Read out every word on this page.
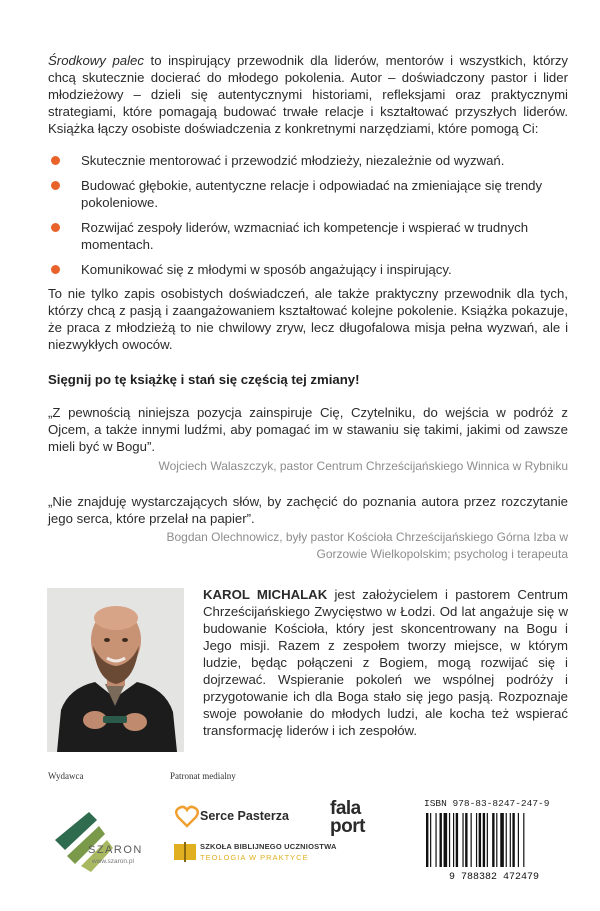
Środkowy palec to inspirujący przewodnik dla liderów, mentorów i wszystkich, którzy chcą skutecznie docierać do młodego pokolenia. Autor – doświadczony pastor i lider młodzieżowy – dzieli się autentycznymi historiami, refleksjami oraz praktycznymi strategiami, które pomagają budować trwałe relacje i kształtować przyszłych liderów. Książka łączy osobiste doświadczenia z konkretnymi narzędziami, które pomogą Ci:
Skutecznie mentorować i przewodzić młodzieży, niezależnie od wyzwań.
Budować głębokie, autentyczne relacje i odpowiadać na zmieniające się trendy pokoleniowe.
Rozwijać zespoły liderów, wzmacniać ich kompetencje i wspierać w trudnych momentach.
Komunikować się z młodymi w sposób angażujący i inspirujący.
To nie tylko zapis osobistych doświadczeń, ale także praktyczny przewodnik dla tych, którzy chcą z pasją i zaangażowaniem kształtować kolejne pokolenie. Książka pokazuje, że praca z młodzieżą to nie chwilowy zryw, lecz długofalowa misja pełna wyzwań, ale i niezwykłych owoców.
Sięgnij po tę książkę i stań się częścią tej zmiany!
„Z pewnością niniejsza pozycja zainspiruje Cię, Czytelniku, do wejścia w podróż z Ojcem, a także innymi ludźmi, aby pomagać im w stawaniu się takimi, jakimi od zawsze mieli być w Bogu”.
Wojciech Walaszczyk, pastor Centrum Chrześcijańskiego Winnica w Rybniku
„Nie znajduję wystarczających słów, by zachęcić do poznania autora przez rozczytanie jego serca, które przelał na papier”.
Bogdan Olechnowicz, były pastor Kościoła Chrześcijańskiego Górna Izba w Gorzowie Wielkopolskim; psycholog i terapeuta
KAROL MICHALAK jest założycielem i pastorem Centrum Chrześcijańskiego Zwycięstwo w Łodzi. Od lat angażuje się w budowanie Kościoła, który jest skoncentrowany na Bogu i Jego misji. Razem z zespołem tworzy miejsce, w którym ludzie, będąc połączeni z Bogiem, mogą rozwijać się i dojrzewać. Wspieranie pokoleń we wspólnej podróży i przygotowanie ich dla Boga stało się jego pasją. Rozpoznaje swoje powołanie do młodych ludzi, ale kocha też wspierać transformację liderów i ich zespołów.
Wydawca	Patronat medialny
SZARON
www.szaron.pl
Serce Pasterza
SZKOŁA BIBLIJNEGO UCZNIOSTWA
TEOLOGIA W PRAKTYCE
fala
port
ISBN 978-83-8247-247-9
9 788382 472479
